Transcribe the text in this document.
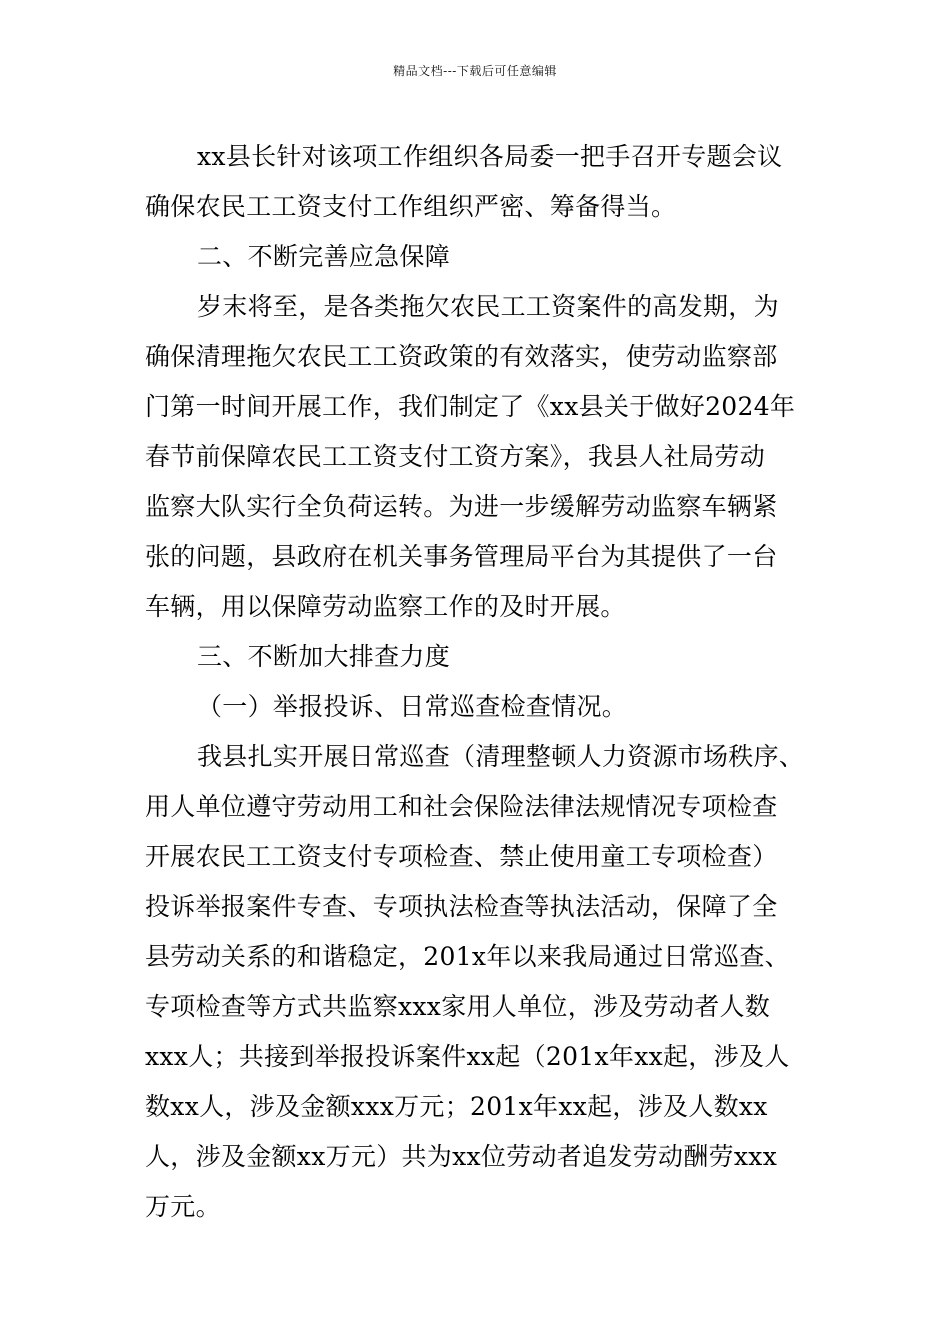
精品文档---下载后可任意编辑
xx县长针对该项工作组织各局委一把手召开专题会议
确保农民工工资支付工作组织严密、筹备得当。
二、不断完善应急保障
岁末将至，是各类拖欠农民工工资案件的高发期，为
确保清理拖欠农民工工资政策的有效落实，使劳动监察部
门第一时间开展工作，我们制定了《xx县关于做好2024年
春节前保障农民工工资支付工资方案》，我县人社局劳动
监察大队实行全负荷运转。为进一步缓解劳动监察车辆紧
张的问题，县政府在机关事务管理局平台为其提供了一台
车辆，用以保障劳动监察工作的及时开展。
三、不断加大排查力度
（一）举报投诉、日常巡查检查情况。
我县扎实开展日常巡查（清理整顿人力资源市场秩序、
用人单位遵守劳动用工和社会保险法律法规情况专项检查
开展农民工工资支付专项检查、禁止使用童工专项检查）
投诉举报案件专查、专项执法检查等执法活动，保障了全
县劳动关系的和谐稳定，201x年以来我局通过日常巡查、
专项检查等方式共监察xxx家用人单位，涉及劳动者人数
xxx人；共接到举报投诉案件xx起（201x年xx起，涉及人
数xx人，涉及金额xxx万元；201x年xx起，涉及人数xx
人，涉及金额xx万元）共为xx位劳动者追发劳动酬劳xxx
万元。
